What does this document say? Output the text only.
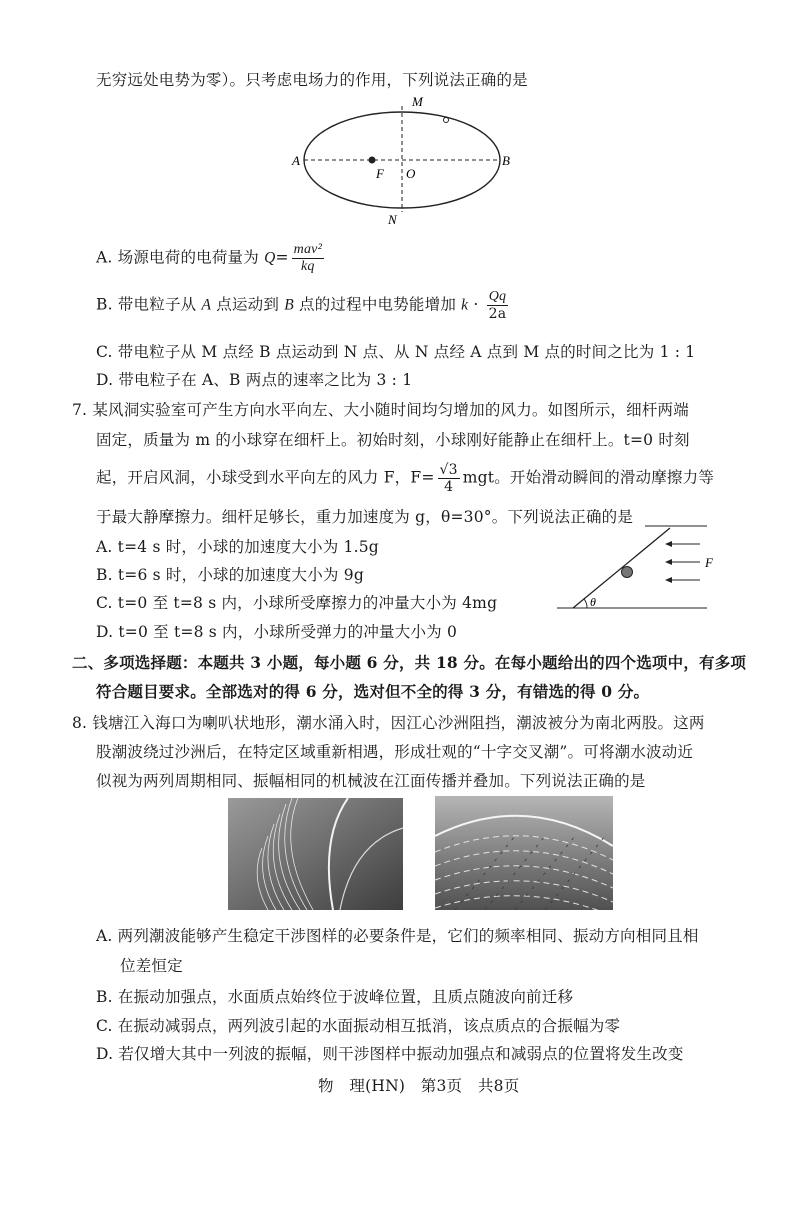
无穷远处电势为零）。只考虑电场力的作用，下列说法正确的是
M
N
A	B
F O
A. 场源电荷的电荷量为 $Q= \frac{\text{mav²}}{kq}$
B. 带电粒子从 A 点运动到 B 点的过程中电势能增加 $k \cdot \frac{Qq}{2a}$
C. 带电粒子从 M 点经 B 点运动到 N 点、从 N 点经 A 点到 M 点的时间之比为 1 : 1
D. 带电粒子在 A、B 两点的速率之比为 3 : 1
7. 某风洞实验室可产生方向水平向左、大小随时间均匀增加的风力。如图所示，细杆两端
固定，质量为 m 的小球穿在细杆上。初始时刻，小球刚好能静止在细杆上。t=0 时刻
起，开启风洞，小球受到水平向左的风力 F，$F= \frac{√3}{4}$ mgt。开始滑动瞬间的滑动摩擦力等
于最大静摩擦力。细杆足够长，重力加速度为 g，θ=30°。下列说法正确的是
A. t=4 s 时，小球的加速度大小为 1.5g
B. t=6 s 时，小球的加速度大小为 9g
C. t=0 至 t=8 s 内，小球所受摩擦力的冲量大小为 4mg
D. t=0 至 t=8 s 内，小球所受弹力的冲量大小为 0
F
θ
二、多项选择题：本题共 3 小题，每小题 6 分，共 18 分。在每小题给出的四个选项中，有多项
符合题目要求。全部选对的得 6 分，选对但不全的得 3 分，有错选的得 0 分。
8. 钱塘江入海口为喇叭状地形，潮水涌入时，因江心沙洲阻挡，潮波被分为南北两股。这两
股潮波绕过沙洲后，在特定区域重新相遇，形成壮观的“十字交叉潮”。可将潮水波动近
似视为两列周期相同、振幅相同的机械波在江面传播并叠加。下列说法正确的是
A. 两列潮波能够产生稳定干涉图样的必要条件是，它们的频率相同、振动方向相同且相
位差恒定
B. 在振动加强点，水面质点始终位于波峰位置，且质点随波向前迁移
C. 在振动减弱点，两列波引起的水面振动相互抵消，该点质点的合振幅为零
D. 若仅增大其中一列波的振幅，则干涉图样中振动加强点和减弱点的位置将发生改变
物　理(HN)　第3页　共8页
